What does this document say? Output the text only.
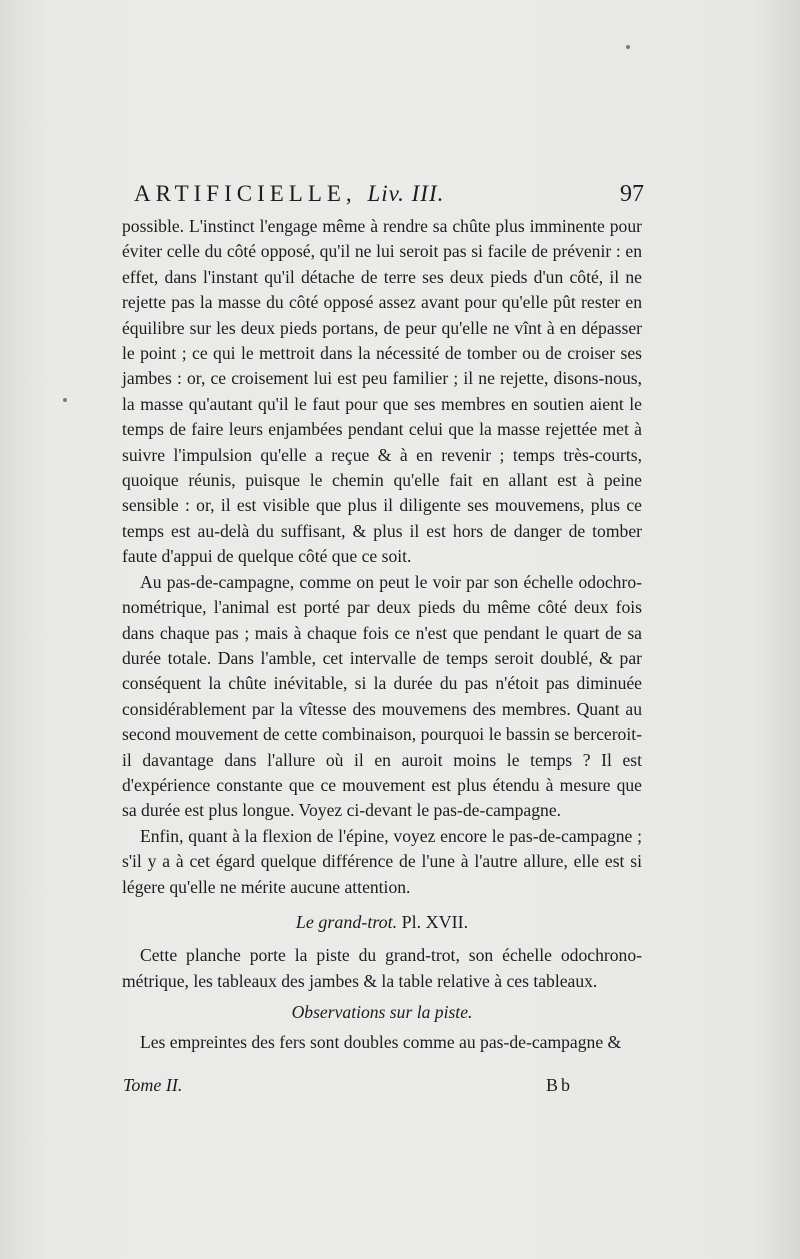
ARTIFICIELLE, Liv. III.	97

possible. L'instinct l'engage même à rendre sa chûte plus imminente pour éviter celle du côté opposé, qu'il ne lui seroit pas si facile de prévenir : en effet, dans l'instant qu'il détache de terre ses deux pieds d'un côté, il ne rejette pas la masse du côté opposé assez avant pour qu'elle pût rester en équilibre sur les deux pieds portans, de peur qu'elle ne vînt à en dépasser le point ; ce qui le mettroit dans la nécessité de tomber ou de croiser ses jambes : or, ce croisement lui est peu familier ; il ne rejette, disons-nous, la masse qu'autant qu'il le faut pour que ses membres en soutien aient le temps de faire leurs enjambées pendant celui que la masse rejettée met à suivre l'impulsion qu'elle a reçue & à en revenir ; temps très-courts, quoique réunis, puisque le chemin qu'elle fait en allant est à peine sensible : or, il est visible que plus il diligente ses mouvemens, plus ce temps est au-delà du suffisant, & plus il est hors de danger de tomber faute d'appui de quelque côté que ce soit.

Au pas-de-campagne, comme on peut le voir par son échelle odochro-nométrique, l'animal est porté par deux pieds du même côté deux fois dans chaque pas ; mais à chaque fois ce n'est que pendant le quart de sa durée totale. Dans l'amble, cet intervalle de temps seroit doublé, & par conséquent la chûte inévitable, si la durée du pas n'étoit pas diminuée considérablement par la vîtesse des mouvemens des membres. Quant au second mouvement de cette combinaison, pourquoi le bassin se berceroit-il davantage dans l'allure où il en auroit moins le temps ? Il est d'expérience constante que ce mouvement est plus étendu à mesure que sa durée est plus longue. Voyez ci-devant le pas-de-campagne.

Enfin, quant à la flexion de l'épine, voyez encore le pas-de-campagne ; s'il y a à cet égard quelque différence de l'une à l'autre allure, elle est si légere qu'elle ne mérite aucune attention.

Le grand-trot. Pl. XVII.

Cette planche porte la piste du grand-trot, son échelle odochrono-métrique, les tableaux des jambes & la table relative à ces tableaux.

Observations sur la piste.

Les empreintes des fers sont doubles comme au pas-de-campagne &

Tome II.	Bb
